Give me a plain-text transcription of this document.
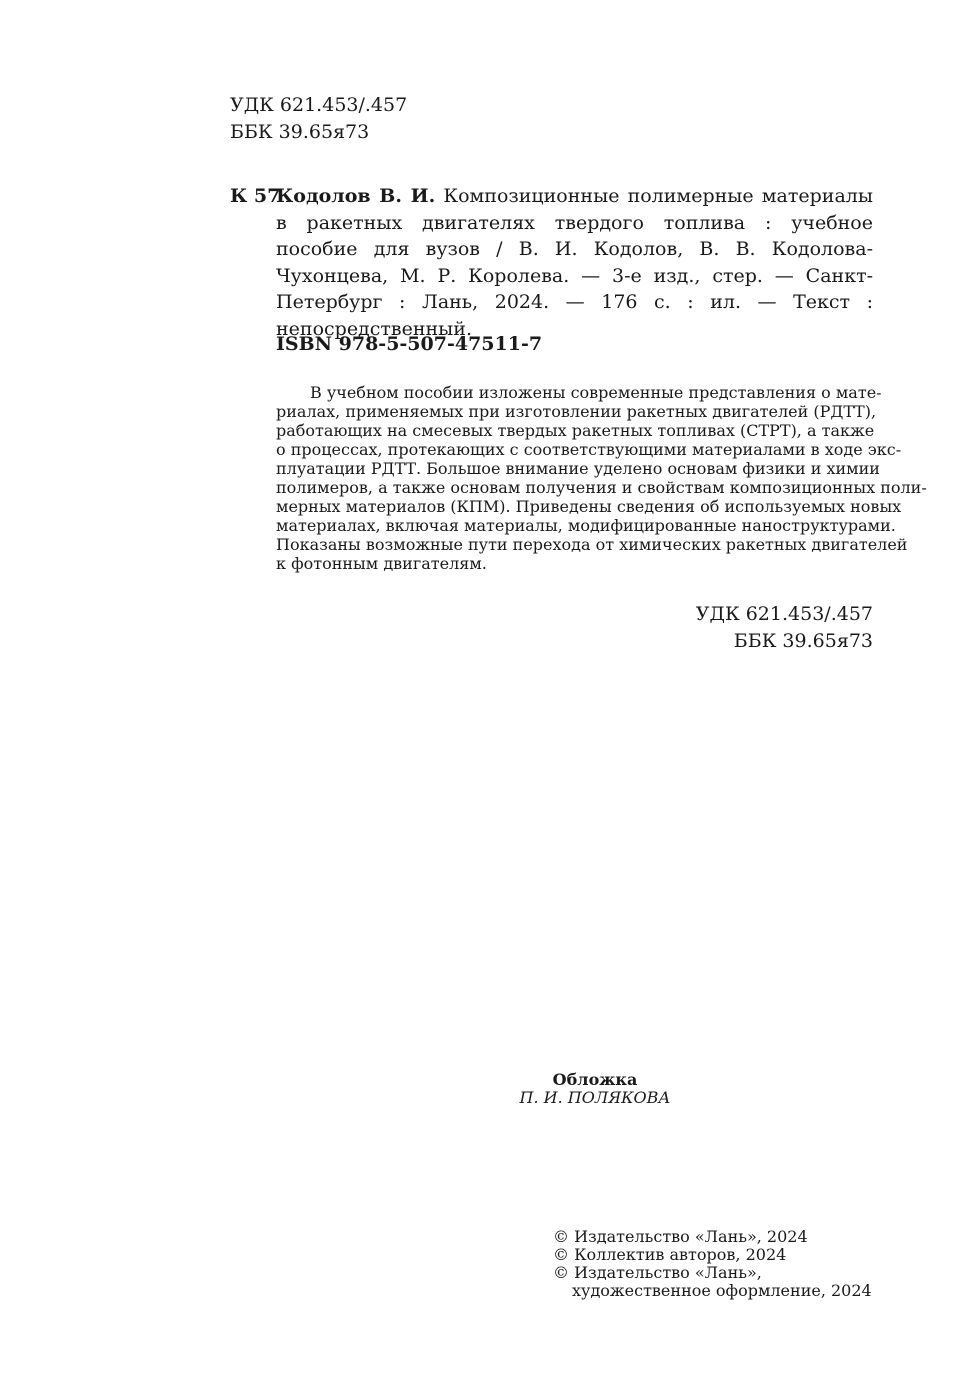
УДК 621.453/.457
ББК 39.65я73
К 57
Кодолов В. И. Композиционные полимерные материалы в ракетных двигателях твердого топлива : учебное пособие для вузов / В. И. Кодолов, В. В. Кодолова-Чухонцева, М. Р. Королева. — 3-е изд., стер. — Санкт-Петербург : Лань, 2024. — 176 с. : ил. — Текст : непосредственный.
ISBN 978-5-507-47511-7
В учебном пособии изложены современные представления о мате-
риалах, применяемых при изготовлении ракетных двигателей (РДТТ),
работающих на смесевых твердых ракетных топливах (СТРТ), а также
о процессах, протекающих с соответствующими материалами в ходе экс-
плуатации РДТТ. Большое внимание уделено основам физики и химии
полимеров, а также основам получения и свойствам композиционных поли-
мерных материалов (КПМ). Приведены сведения об используемых новых
материалах, включая материалы, модифицированные наноструктурами.
Показаны возможные пути перехода от химических ракетных двигателей
к фотонным двигателям.
УДК 621.453/.457
ББК 39.65я73
Обложка
П. И. ПОЛЯКОВА
© Издательство «Лань», 2024
© Коллектив авторов, 2024
© Издательство «Лань»,
художественное оформление, 2024
